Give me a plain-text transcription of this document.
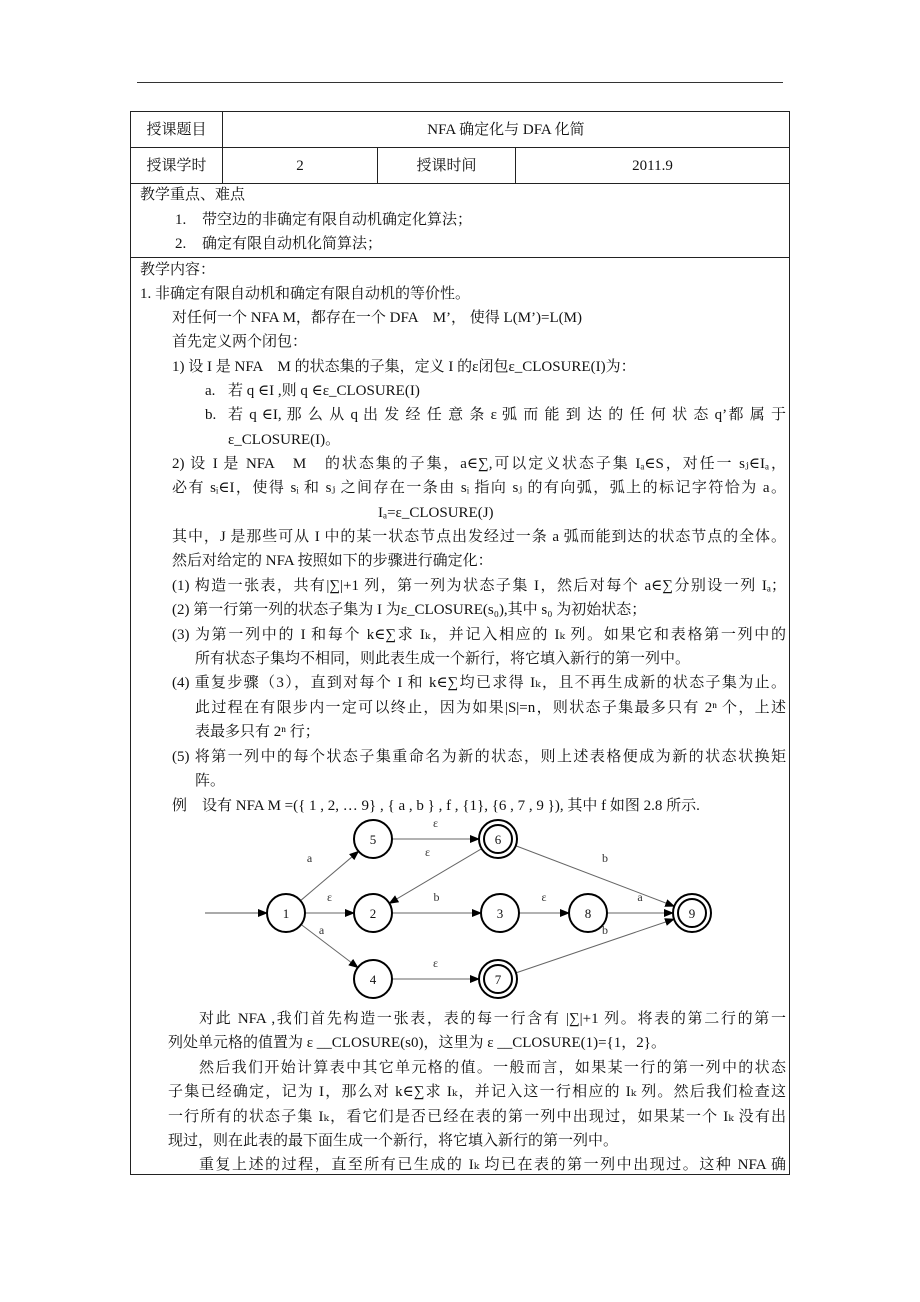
授课题目	NFA 确定化与 DFA 化简
授课学时	2	授课时间	2011.9
教学重点、难点
1. 带空边的非确定有限自动机确定化算法；
2. 确定有限自动机化简算法；
教学内容：
1. 非确定有限自动机和确定有限自动机的等价性。
对任何一个 NFA M，都存在一个 DFA　M’， 使得 L(M’)=L(M)
首先定义两个闭包：
1) 设 I 是 NFA　M 的状态集的子集，定义 I 的ε闭包ε_CLOSURE(I)为：
a. 若 q ∈I ,则 q ∈ε_CLOSURE(I)
b. 若 q ∈I, 那 么 从 q 出 发 经 任 意 条 ε 弧 而 能 到 达 的 任 何 状 态 q’都 属 于
ε_CLOSURE(I)。
2) 设 I 是 NFA　M　的状态集的子集，a∈∑,可以定义状态子集 Iₐ∈S，对任一 sⱼ∈Iₐ，
必有 sᵢ∈I，使得 sᵢ 和 sⱼ 之间存在一条由 sᵢ 指向 sⱼ 的有向弧，弧上的标记字符恰为 a。
Iₐ=ε_CLOSURE(J)
其中，J 是那些可从 I 中的某一状态节点出发经过一条 a 弧而能到达的状态节点的全体。
然后对给定的 NFA 按照如下的步骤进行确定化：
(1) 构造一张表，共有|∑|+1 列，第一列为状态子集 I，然后对每个 a∈∑分别设一列 Iₐ；
(2) 第一行第一列的状态子集为 I 为ε_CLOSURE(s₀),其中 s₀ 为初始状态；
(3) 为第一列中的 I 和每个 k∈∑求 Iₖ，并记入相应的 Iₖ 列。如果它和表格第一列中的
所有状态子集均不相同，则此表生成一个新行，将它填入新行的第一列中。
(4) 重复步骤（3），直到对每个 I 和 k∈∑均已求得 Iₖ，且不再生成新的状态子集为止。
此过程在有限步内一定可以终止，因为如果|S|=n，则状态子集最多只有 2ⁿ 个，上述
表最多只有 2ⁿ 行；
(5) 将第一列中的每个状态子集重命名为新的状态，则上述表格便成为新的状态状换矩
阵。
例　设有 NFA M =({ 1 , 2, … 9} , { a , b } , f , {1}, {6 , 7 , 9 }), 其中 f 如图 2.8 所示.
对此 NFA ,我们首先构造一张表，表的每一行含有 |∑|+1 列。将表的第二行的第一
列处单元格的值置为 ε __CLOSURE(s0)，这里为 ε __CLOSURE(1)={1，2}。
然后我们开始计算表中其它单元格的值。一般而言，如果某一行的第一列中的状态
子集已经确定，记为 I，那么对 k∈∑求 Iₖ，并记入这一行相应的 Iₖ 列。然后我们检查这
一行所有的状态子集 Iₖ，看它们是否已经在表的第一列中出现过，如果某一个 Iₖ 没有出
现过，则在此表的最下面生成一个新行，将它填入新行的第一列中。
重复上述的过程，直至所有已生成的 Iₖ 均已在表的第一列中出现过。这种 NFA 确
a
ε
a
ε
ε
b	ε	a
b
ε
b
1	2	3
4
5	6
7
8	9
